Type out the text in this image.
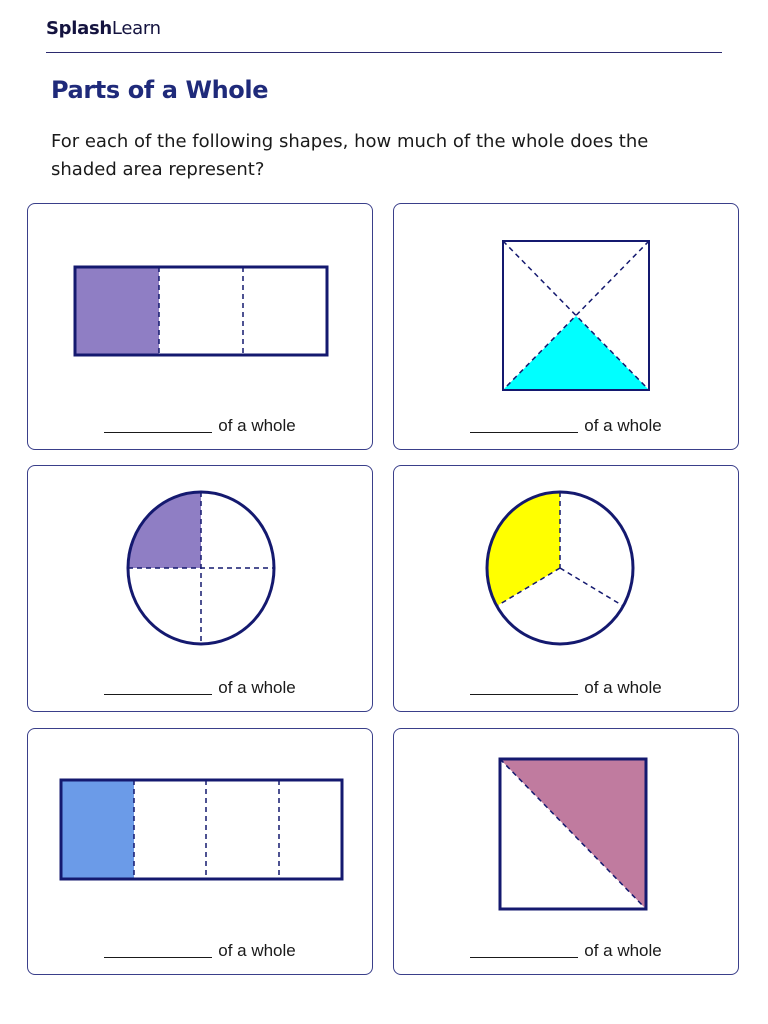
SplashLearn
Parts of a Whole

For each of the following shapes, how much of the whole does the shaded area represent?

of a whole	of a whole
of a whole	of a whole
of a whole	of a whole
